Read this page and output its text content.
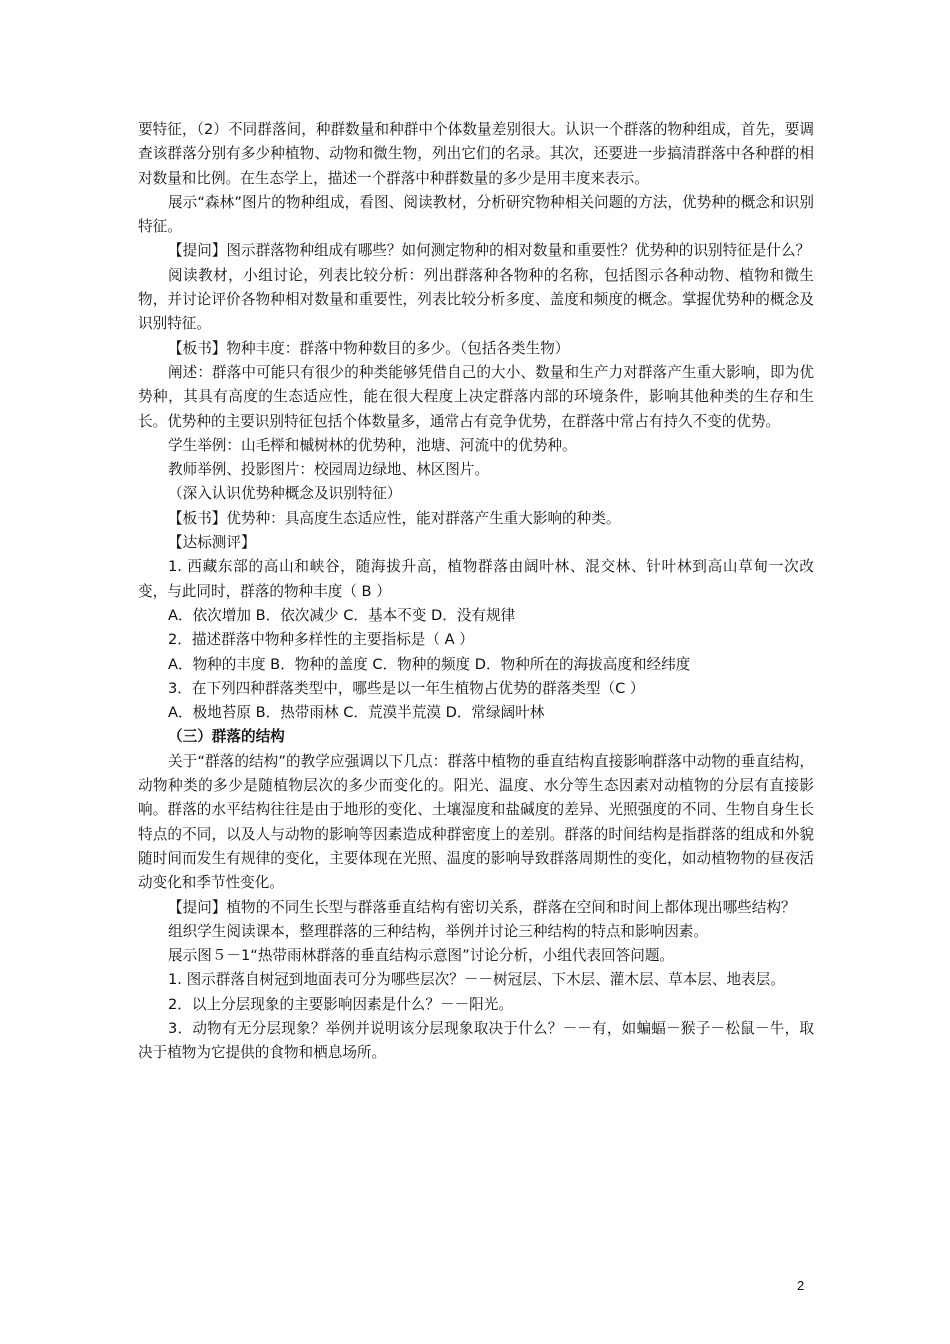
要特征，（2）不同群落间，种群数量和种群中个体数量差别很大。认识一个群落的物种组成，首先，要调查该群落分别有多少种植物、动物和微生物，列出它们的名录。其次，还要进一步搞清群落中各种群的相对数量和比例。在生态学上，描述一个群落中种群数量的多少是用丰度来表示。

展示“森林”图片的物种组成，看图、阅读教材，分析研究物种相关问题的方法，优势种的概念和识别特征。

【提问】图示群落物种组成有哪些？如何测定物种的相对数量和重要性？优势种的识别特征是什么？

阅读教材，小组讨论，列表比较分析：列出群落种各物种的名称，包括图示各种动物、植物和微生物，并讨论评价各物种相对数量和重要性，列表比较分析多度、盖度和频度的概念。掌握优势种的概念及识别特征。

【板书】物种丰度：群落中物种数目的多少。（包括各类生物）

阐述：群落中可能只有很少的种类能够凭借自己的大小、数量和生产力对群落产生重大影响，即为优势种，其具有高度的生态适应性，能在很大程度上决定群落内部的环境条件，影响其他种类的生存和生长。优势种的主要识别特征包括个体数量多，通常占有竞争优势，在群落中常占有持久不变的优势。

学生举例：山毛榉和槭树林的优势种，池塘、河流中的优势种。

教师举例、投影图片：校园周边绿地、林区图片。

（深入认识优势种概念及识别特征）

【板书】优势种：具高度生态适应性，能对群落产生重大影响的种类。

【达标测评】

1. 西藏东部的高山和峡谷，随海拔升高，植物群落由阔叶林、混交林、针叶林到高山草甸一次改变，与此同时，群落的物种丰度（ B ）

A．依次增加 B．依次减少 C．基本不变 D．没有规律

2．描述群落中物种多样性的主要指标是（ A ）

A．物种的丰度 B．物种的盖度 C．物种的频度 D．物种所在的海拔高度和经纬度

3．在下列四种群落类型中，哪些是以一年生植物占优势的群落类型（C ）

A．极地苔原 B．热带雨林 C．荒漠半荒漠 D．常绿阔叶林

（三）群落的结构

关于“群落的结构”的教学应强调以下几点：群落中植物的垂直结构直接影响群落中动物的垂直结构，动物种类的多少是随植物层次的多少而变化的。阳光、温度、水分等生态因素对动植物的分层有直接影响。群落的水平结构往往是由于地形的变化、土壤湿度和盐碱度的差异、光照强度的不同、生物自身生长特点的不同，以及人与动物的影响等因素造成种群密度上的差别。群落的时间结构是指群落的组成和外貌随时间而发生有规律的变化，主要体现在光照、温度的影响导致群落周期性的变化，如动植物物的昼夜活动变化和季节性变化。

【提问】植物的不同生长型与群落垂直结构有密切关系，群落在空间和时间上都体现出哪些结构？

组织学生阅读课本，整理群落的三种结构，举例并讨论三种结构的特点和影响因素。

展示图５－1“热带雨林群落的垂直结构示意图”讨论分析，小组代表回答问题。

1. 图示群落自树冠到地面表可分为哪些层次？－－树冠层、下木层、灌木层、草本层、地表层。

2．以上分层现象的主要影响因素是什么？－－阳光。

3．动物有无分层现象？举例并说明该分层现象取决于什么？－－有，如蝙蝠－猴子－松鼠－牛，取决于植物为它提供的食物和栖息场所。

2
